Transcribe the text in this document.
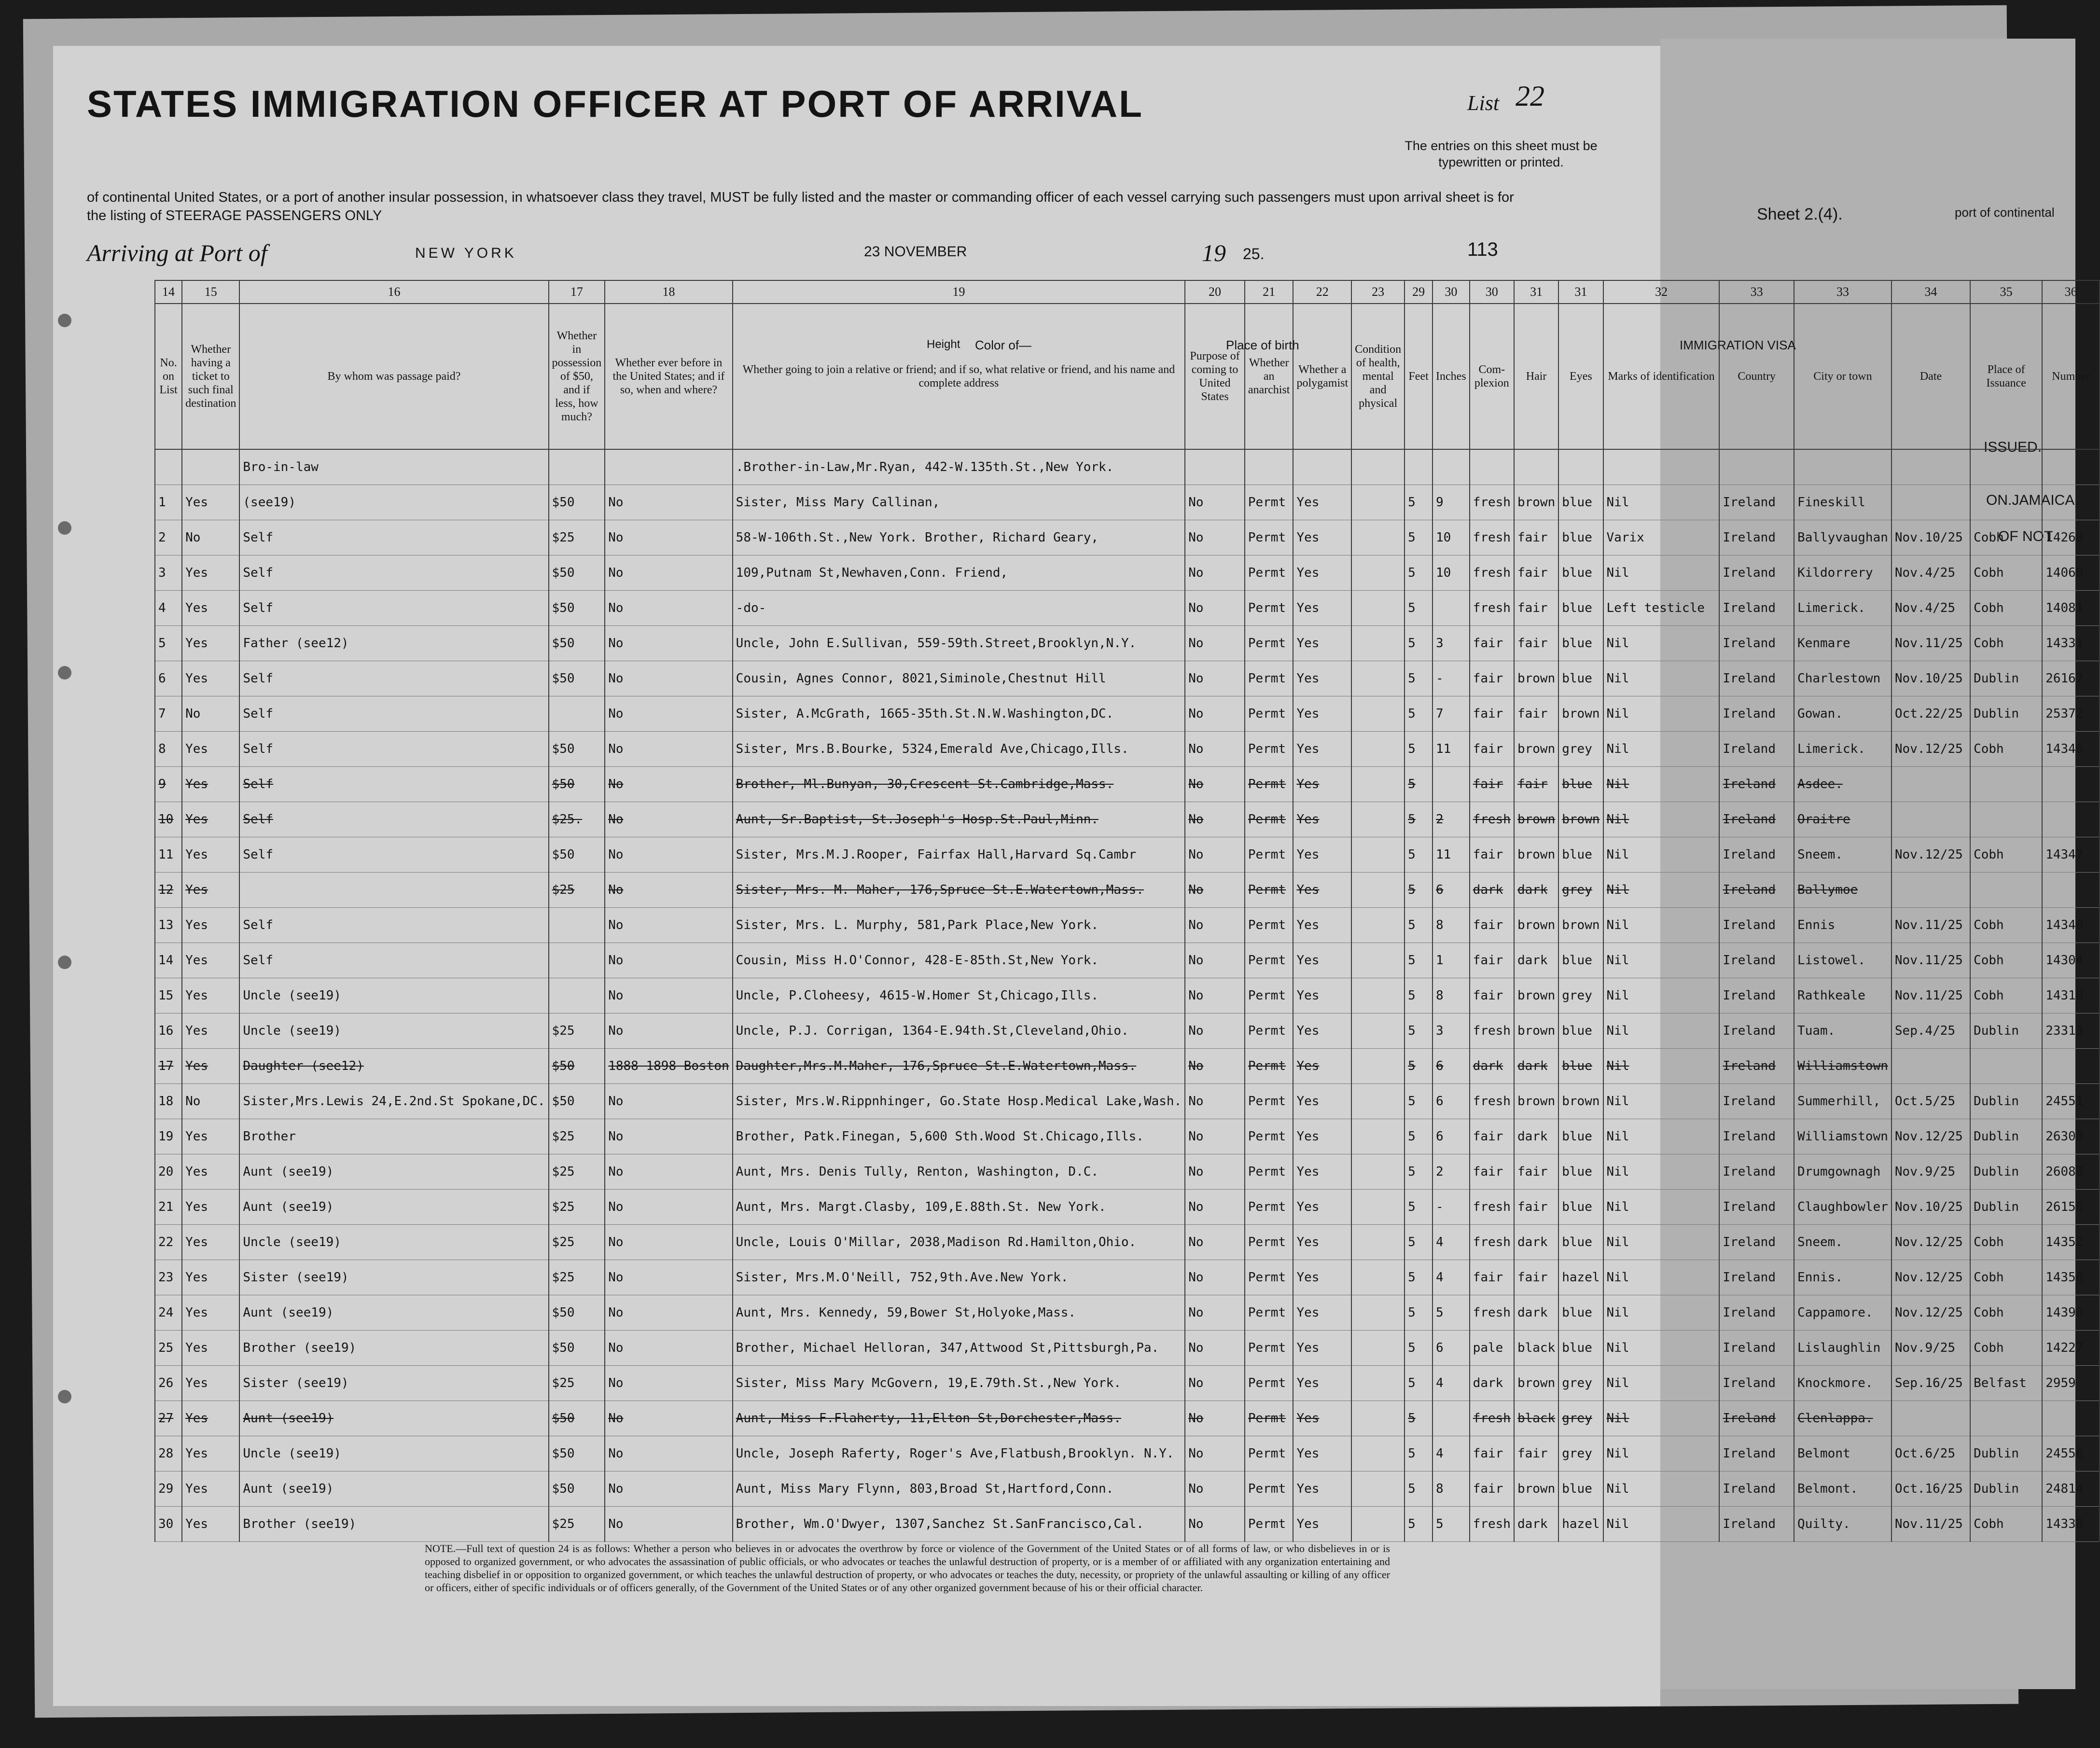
List 22
STATES IMMIGRATION OFFICER AT PORT OF ARRIVAL
The entries on this sheet must be typewritten or printed.
of continental United States, or a port of another insular possession, in whatsoever class they travel, MUST be fully listed and the master or commanding officer of each vessel carrying such passengers must upon arrival sheet is for the listing of STEERAGE PASSENGERS ONLY	Sheet 2.(4).
Arriving at Port of	NEW YORK	23 NOVEMBER	19 25.	113
port of continental
ISSUED.
ON.JAMAICA
OF NOT
14	15	16	17	18	19	20	21	22	23	29	30	30	31	31	32	33	33	34	35	36
No. on List	Whether having a ticket to such final destination	By whom was passage paid?	Whether in possession of $50, and if less, how much?	Whether ever before in the United States; and if so, when and where?	Whether going to join a relative or friend; and if so, what relative or friend, and his name and complete address	Purpose of coming to United States	Whether an anarchist	Whether a polygamist	Condition of health, mental and physical	Feet	Inches	Com-plexion	Hair	Eyes	Marks of identification	Country	City or town	Date	Place of Issuance	Number
		Bro-in-law			.Brother-in-Law,Mr.Ryan, 442-W.135th.St.,New York.															
1	Yes	(see19)	$50	No	Sister, Miss Mary Callinan,	No	Permt	Yes		5	9	fresh	brown	blue	Nil	Ireland	Fineskill			
2	No	Self	$25	No	58-W-106th.St.,New York. Brother, Richard Geary,	No	Permt	Yes		5	10	fresh	fair	blue	Varix	Ireland	Ballyvaughan	Nov.10/25	Cobh	14268
3	Yes	Self	$50	No	109,Putnam St,Newhaven,Conn. Friend,	No	Permt	Yes		5	10	fresh	fair	blue	Nil	Ireland	Kildorrery	Nov.4/25	Cobh	14060
4	Yes	Self	$50	No	-do-	No	Permt	Yes		5		fresh	fair	blue	Left testicle	Ireland	Limerick.	Nov.4/25	Cobh	14081
5	Yes	Father (see12)	$50	No	Uncle, John E.Sullivan, 559-59th.Street,Brooklyn,N.Y.	No	Permt	Yes		5	3	fair	fair	blue	Nil	Ireland	Kenmare	Nov.11/25	Cobh	14331
6	Yes	Self	$50	No	Cousin, Agnes Connor, 8021,Siminole,Chestnut Hill	No	Permt	Yes		5	-	fair	brown	blue	Nil	Ireland	Charlestown	Nov.10/25	Dublin	26167
7	No	Self		No	Sister, A.McGrath, 1665-35th.St.N.W.Washington,DC.	No	Permt	Yes		5	7	fair	fair	brown	Nil	Ireland	Gowan.	Oct.22/25	Dublin	25372
8	Yes	Self	$50	No	Sister, Mrs.B.Bourke, 5324,Emerald Ave,Chicago,Ills.	No	Permt	Yes		5	11	fair	brown	grey	Nil	Ireland	Limerick.	Nov.12/25	Cobh	14346
9	Yes	Self	$50	No	Brother, Ml.Bunyan, 30,Crescent St.Cambridge,Mass.	No	Permt	Yes		5		fair	fair	blue	Nil	Ireland	Asdee.			
10	Yes	Self	$25.	No	Aunt, Sr.Baptist, St.Joseph's Hosp.St.Paul,Minn.	No	Permt	Yes		5	2	fresh	brown	brown	Nil	Ireland	Oraitre			
11	Yes	Self	$50	No	Sister, Mrs.M.J.Rooper, Fairfax Hall,Harvard Sq.Cambr	No	Permt	Yes		5	11	fair	brown	blue	Nil	Ireland	Sneem.	Nov.12/25	Cobh	14347
12	Yes		$25	No	Sister, Mrs. M. Maher, 176,Spruce St.E.Watertown,Mass.	No	Permt	Yes		5	6	dark	dark	grey	Nil	Ireland	Ballymoe			
13	Yes	Self		No	Sister, Mrs. L. Murphy, 581,Park Place,New York.	No	Permt	Yes		5	8	fair	brown	brown	Nil	Ireland	Ennis	Nov.11/25	Cobh	14340
14	Yes	Self		No	Cousin, Miss H.O'Connor, 428-E-85th.St,New York.	No	Permt	Yes		5	1	fair	dark	blue	Nil	Ireland	Listowel.	Nov.11/25	Cobh	14304
15	Yes	Uncle (see19)		No	Uncle, P.Cloheesy, 4615-W.Homer St,Chicago,Ills.	No	Permt	Yes		5	8	fair	brown	grey	Nil	Ireland	Rathkeale	Nov.11/25	Cobh	14310
16	Yes	Uncle (see19)	$25	No	Uncle, P.J. Corrigan, 1364-E.94th.St,Cleveland,Ohio.	No	Permt	Yes		5	3	fresh	brown	blue	Nil	Ireland	Tuam.	Sep.4/25	Dublin	23313
17	Yes	Daughter (see12)	$50	1888 1898 Boston	Daughter,Mrs.M.Maher, 176,Spruce St.E.Watertown,Mass.	No	Permt	Yes		5	6	dark	dark	blue	Nil	Ireland	Williamstown			
18	No	Sister,Mrs.Lewis 24,E.2nd.St Spokane,DC.	$50	No	Sister, Mrs.W.Rippnhinger, Go.State Hosp.Medical Lake,Wash.	No	Permt	Yes		5	6	fresh	brown	brown	Nil	Ireland	Summerhill,	Oct.5/25	Dublin	24551
19	Yes	Brother	$25	No	Brother, Patk.Finegan, 5,600 Sth.Wood St.Chicago,Ills.	No	Permt	Yes		5	6	fair	dark	blue	Nil	Ireland	Williamstown	Nov.12/25	Dublin	26308
20	Yes	Aunt (see19)	$25	No	Aunt, Mrs. Denis Tully, Renton, Washington, D.C.	No	Permt	Yes		5	2	fair	fair	blue	Nil	Ireland	Drumgownagh	Nov.9/25	Dublin	26088
21	Yes	Aunt (see19)	$25	No	Aunt, Mrs. Margt.Clasby, 109,E.88th.St. New York.	No	Permt	Yes		5	-	fresh	fair	blue	Nil	Ireland	Claughbowler	Nov.10/25	Dublin	26156
22	Yes	Uncle (see19)	$25	No	Uncle, Louis O'Millar, 2038,Madison Rd.Hamilton,Ohio.	No	Permt	Yes		5	4	fresh	dark	blue	Nil	Ireland	Sneem.	Nov.12/25	Cobh	14352
23	Yes	Sister (see19)	$25	No	Sister, Mrs.M.O'Neill, 752,9th.Ave.New York.	No	Permt	Yes		5	4	fair	fair	hazel	Nil	Ireland	Ennis.	Nov.12/25	Cobh	14356
24	Yes	Aunt (see19)	$50	No	Aunt, Mrs. Kennedy, 59,Bower St,Holyoke,Mass.	No	Permt	Yes		5	5	fresh	dark	blue	Nil	Ireland	Cappamore.	Nov.12/25	Cobh	14396
25	Yes	Brother (see19)	$50	No	Brother, Michael Helloran, 347,Attwood St,Pittsburgh,Pa.	No	Permt	Yes		5	6	pale	black	blue	Nil	Ireland	Lislaughlin	Nov.9/25	Cobh	14227
26	Yes	Sister (see19)	$25	No	Sister, Miss Mary McGovern, 19,E.79th.St.,New York.	No	Permt	Yes		5	4	dark	brown	grey	Nil	Ireland	Knockmore.	Sep.16/25	Belfast	2959
27	Yes	Aunt (see19)	$50	No	Aunt, Miss F.Flaherty, 11,Elton St,Dorchester,Mass.	No	Permt	Yes		5		fresh	black	grey	Nil	Ireland	Clenlappa.			
28	Yes	Uncle (see19)	$50	No	Uncle, Joseph Raferty, Roger's Ave,Flatbush,Brooklyn. N.Y.	No	Permt	Yes		5	4	fair	fair	grey	Nil	Ireland	Belmont	Oct.6/25	Dublin	24556
29	Yes	Aunt (see19)	$50	No	Aunt, Miss Mary Flynn, 803,Broad St,Hartford,Conn.	No	Permt	Yes		5	8	fair	brown	blue	Nil	Ireland	Belmont.	Oct.16/25	Dublin	24814
30	Yes	Brother (see19)	$25	No	Brother, Wm.O'Dwyer, 1307,Sanchez St.SanFrancisco,Cal.	No	Permt	Yes		5	5	fresh	dark	hazel	Nil	Ireland	Quilty.	Nov.11/25	Cobh	14338
Place of birth	IMMIGRATION VISA
Color of—
Height
NOTE.—Full text of question 24 is as follows: Whether a person who believes in or advocates the overthrow by force or violence of the Government of the United States or of all forms of law, or who disbelieves in or is opposed to organized government, or who advocates the assassination of public officials, or who advocates or teaches the unlawful destruction of property, or is a member of or affiliated with any organization entertaining and teaching disbelief in or opposition to organized government, or which teaches the unlawful destruction of property, or who advocates or teaches the duty, necessity, or propriety of the unlawful assaulting or killing of any officer or officers, either of specific individuals or of officers generally, of the Government of the United States or of any other organized government because of his or their official character.
